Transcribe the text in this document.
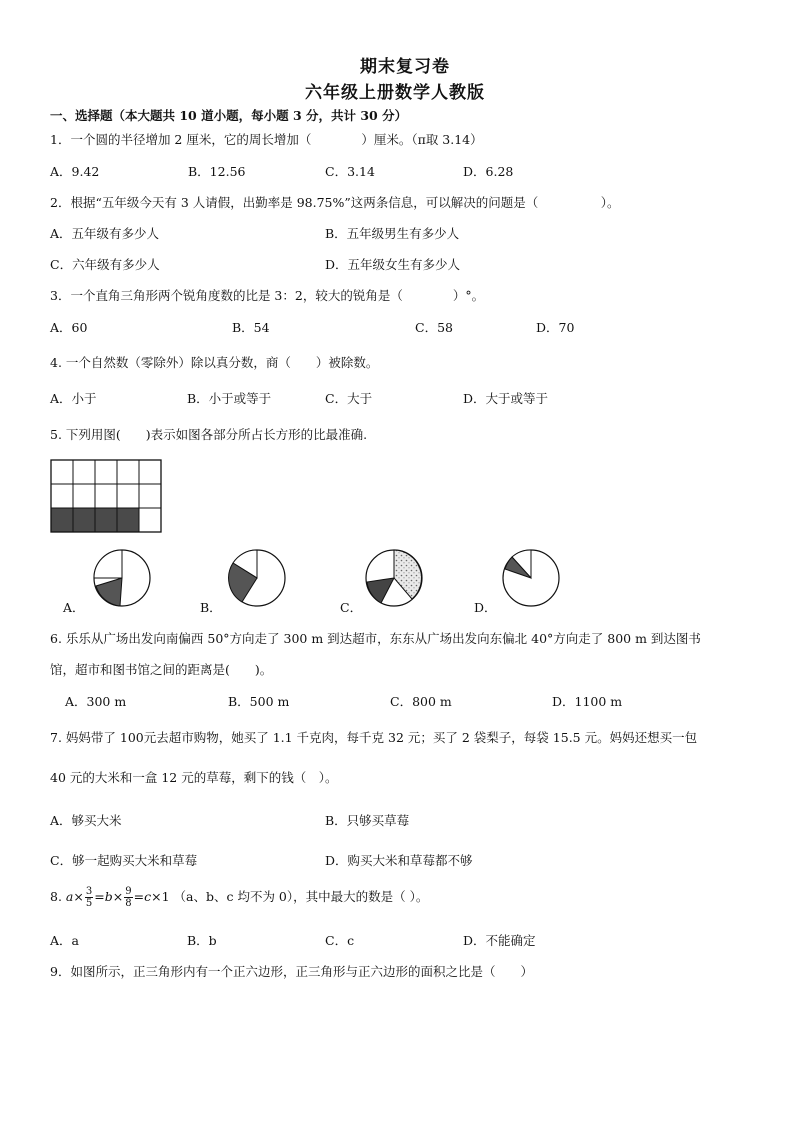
期末复习卷
六年级上册数学人教版
一、选择题（本大题共 10 道小题，每小题 3 分，共计 30 分）
1．一个圆的半径增加 2 厘米，它的周长增加（　　　　）厘米。（π取 3.14）
A．9.42	B．12.56	C．3.14	D．6.28
2．根据“五年级今天有 3 人请假，出勤率是 98.75%”这两条信息，可以解决的问题是（　　　　　）。
A．五年级有多少人	B．五年级男生有多少人
C．六年级有多少人	D．五年级女生有多少人
3．一个直角三角形两个锐角度数的比是 3：2，较大的锐角是（　　　　）°。
A．60	B．54	C．58	D．70
4. 一个自然数（零除外）除以真分数，商（　　）被除数。
A．小于	B．小于或等于	C．大于	D．大于或等于
5. 下列用图(　　)表示如图各部分所占长方形的比最准确.
A．	B．	C．	D．
6. 乐乐从广场出发向南偏西 50°方向走了 300 m 到达超市，东东从广场出发向东偏北 40°方向走了 800 m 到达图书
馆，超市和图书馆之间的距离是(　　)。
A．300 m	B．500 m	C．800 m	D．1100 m
7. 妈妈带了 100元去超市购物，她买了 1.1 千克肉，每千克 32 元；买了 2 袋梨子，每袋 15.5 元。妈妈还想买一包
40 元的大米和一盒 12 元的草莓，剩下的钱（　）。
A．够买大米	B．只够买草莓
C．够一起购买大米和草莓	D．购买大米和草莓都不够
8. $a\times \frac{3}{5} =b\times \frac{9}{8} =c\times 1$ （a、b、c 均不为 0），其中最大的数是（ ）。
A．a	B．b	C．c	D．不能确定
9．如图所示，正三角形内有一个正六边形，正三角形与正六边形的面积之比是（　　）
